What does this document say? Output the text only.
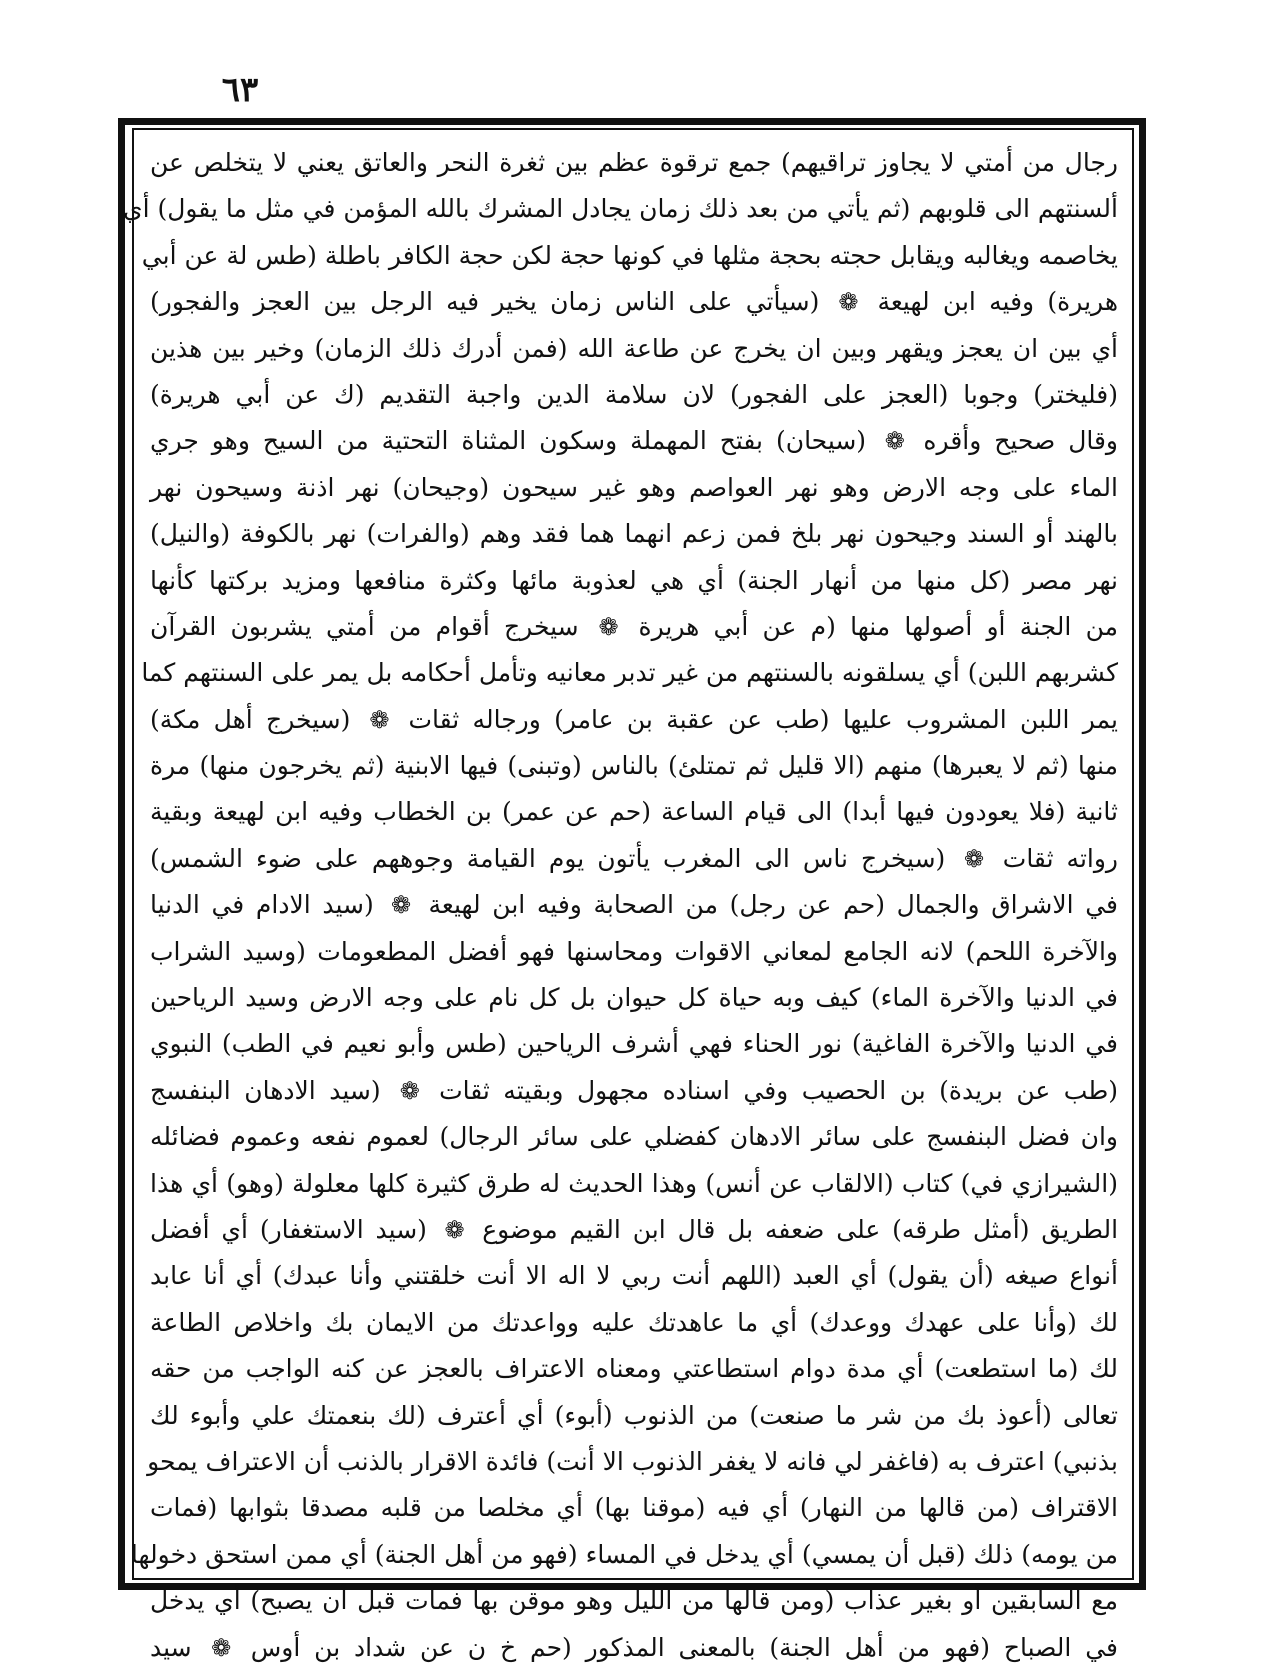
٦٣
رجال من أمتي لا يجاوز تراقيهم) جمع ترقوة عظم بين ثغرة النحر والعاتق يعني لا يتخلص عن
ألسنتهم الى قلوبهم (ثم يأتي من بعد ذلك زمان يجادل المشرك بالله المؤمن في مثل ما يقول) أي
يخاصمه ويغالبه ويقابل حجته بحجة مثلها في كونها حجة لكن حجة الكافر باطلة (طس لة عن أبي
هريرة) وفيه ابن لهيعة ❁ (سيأتي على الناس زمان يخير فيه الرجل بين العجز والفجور)
أي بين ان يعجز ويقهر وبين ان يخرج عن طاعة الله (فمن أدرك ذلك الزمان) وخير بين هذين
(فليختر) وجوبا (العجز على الفجور) لان سلامة الدين واجبة التقديم (ك عن أبي هريرة)
وقال صحيح وأقره ❁ (سيحان) بفتح المهملة وسكون المثناة التحتية من السيح وهو جري
الماء على وجه الارض وهو نهر العواصم وهو غير سيحون (وجيحان) نهر اذنة وسيحون نهر
بالهند أو السند وجيحون نهر بلخ فمن زعم انهما هما فقد وهم (والفرات) نهر بالكوفة (والنيل)
نهر مصر (كل منها من أنهار الجنة) أي هي لعذوبة مائها وكثرة منافعها ومزيد بركتها كأنها
من الجنة أو أصولها منها (م عن أبي هريرة ❁ سيخرج أقوام من أمتي يشربون القرآن
كشربهم اللبن) أي يسلقونه بالسنتهم من غير تدبر معانيه وتأمل أحكامه بل يمر على السنتهم كما
يمر اللبن المشروب عليها (طب عن عقبة بن عامر) ورجاله ثقات ❁ (سيخرج أهل مكة)
منها (ثم لا يعبرها) منهم (الا قليل ثم تمتلئ) بالناس (وتبنى) فيها الابنية (ثم يخرجون منها) مرة
ثانية (فلا يعودون فيها أبدا) الى قيام الساعة (حم عن عمر) بن الخطاب وفيه ابن لهيعة وبقية
رواته ثقات ❁ (سيخرج ناس الى المغرب يأتون يوم القيامة وجوههم على ضوء الشمس)
في الاشراق والجمال (حم عن رجل) من الصحابة وفيه ابن لهيعة ❁ (سيد الادام في الدنيا
والآخرة اللحم) لانه الجامع لمعاني الاقوات ومحاسنها فهو أفضل المطعومات (وسيد الشراب
في الدنيا والآخرة الماء) كيف وبه حياة كل حيوان بل كل نام على وجه الارض وسيد الرياحين
في الدنيا والآخرة الفاغية) نور الحناء فهي أشرف الرياحين (طس وأبو نعيم في الطب) النبوي
(طب عن بريدة) بن الحصيب وفي اسناده مجهول وبقيته ثقات ❁ (سيد الادهان البنفسج
وان فضل البنفسج على سائر الادهان كفضلي على سائر الرجال) لعموم نفعه وعموم فضائله
(الشيرازي في) كتاب (الالقاب عن أنس) وهذا الحديث له طرق كثيرة كلها معلولة (وهو) أي هذا
الطريق (أمثل طرقه) على ضعفه بل قال ابن القيم موضوع ❁ (سيد الاستغفار) أي أفضل
أنواع صيغه (أن يقول) أي العبد (اللهم أنت ربي لا اله الا أنت خلقتني وأنا عبدك) أي أنا عابد
لك (وأنا على عهدك ووعدك) أي ما عاهدتك عليه وواعدتك من الايمان بك واخلاص الطاعة
لك (ما استطعت) أي مدة دوام استطاعتي ومعناه الاعتراف بالعجز عن كنه الواجب من حقه
تعالى (أعوذ بك من شر ما صنعت) من الذنوب (أبوء) أي أعترف (لك بنعمتك علي وأبوء لك
بذنبي) اعترف به (فاغفر لي فانه لا يغفر الذنوب الا أنت) فائدة الاقرار بالذنب أن الاعتراف يمحو
الاقتراف (من قالها من النهار) أي فيه (موقنا بها) أي مخلصا من قلبه مصدقا بثوابها (فمات
من يومه) ذلك (قبل أن يمسي) أي يدخل في المساء (فهو من أهل الجنة) أي ممن استحق دخولها
مع السابقين أو بغير عذاب (ومن قالها من الليل وهو موقن بها فمات قبل أن يصبح) أي يدخل
في الصباح (فهو من أهل الجنة) بالمعنى المذكور (حم خ ن عن شداد بن أوس ❁ سيد
